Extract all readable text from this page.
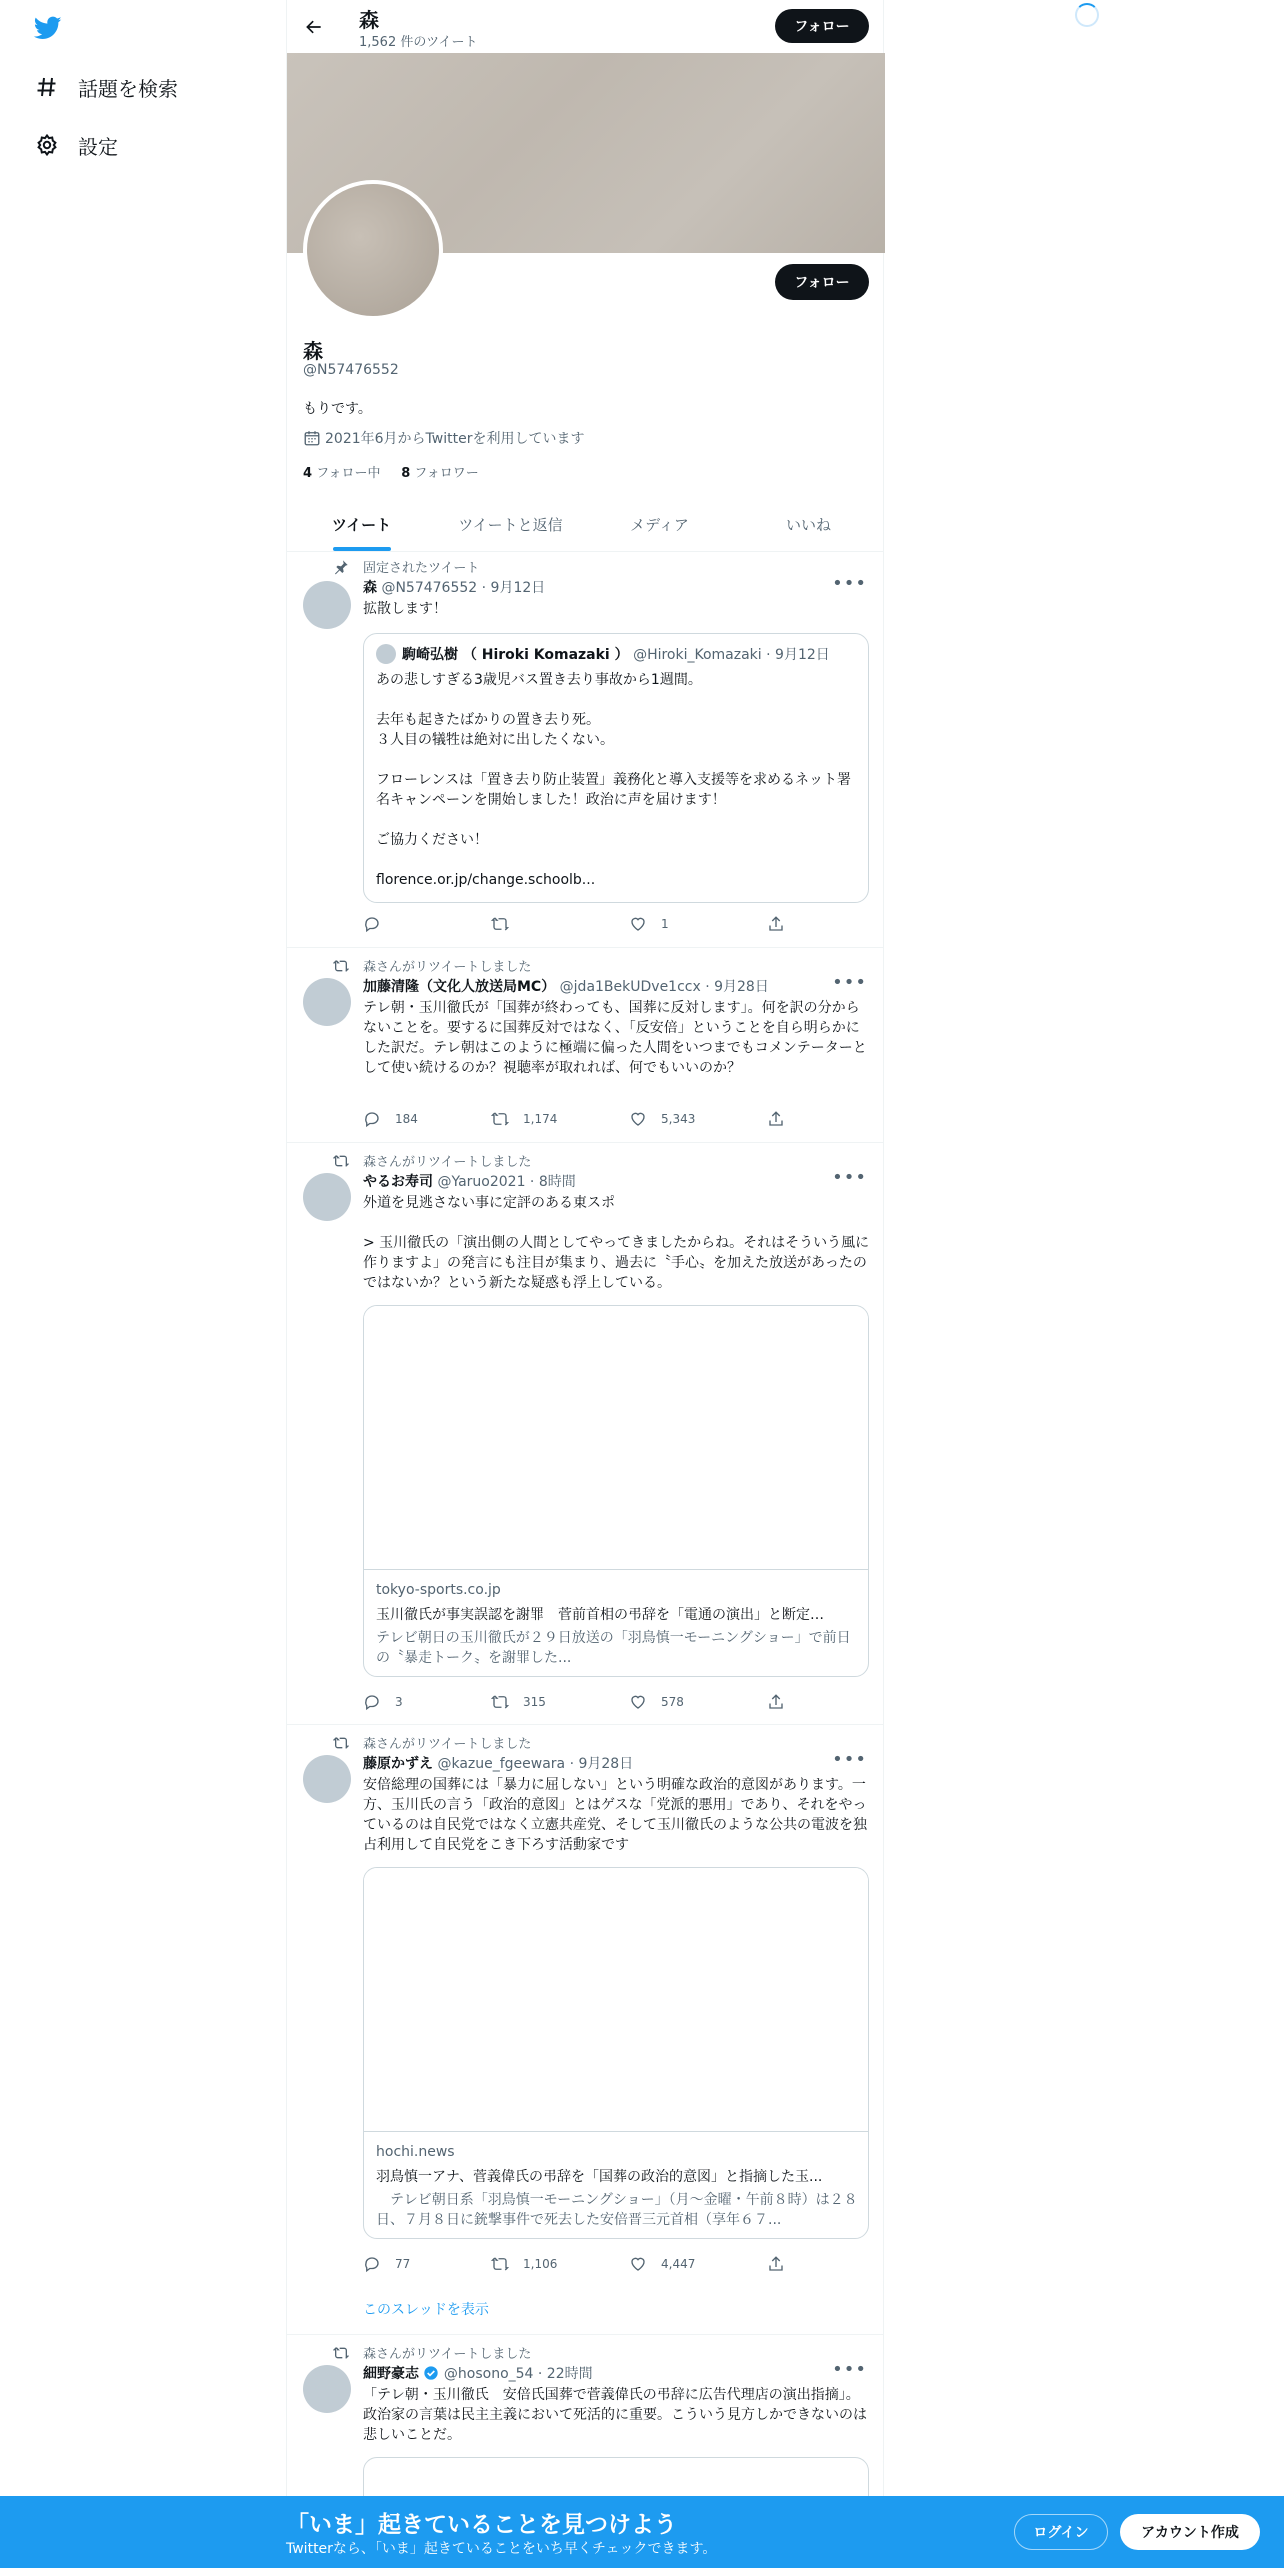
話題を検索
設定
森
1,562 件のツイート
フォロー
フォロー
森
@N57476552
もりです。
2021年6月からTwitterを利用しています
4 フォロー中 8 フォロワー
ツイート	ツイートと返信	メディア	いいね
固定されたツイート
森 @N57476552 · 9月12日	•••
拡散します！
駒崎弘樹 （ Hiroki Komazaki ）
@Hiroki_Komazaki · 9月12日
あの悲しすぎる3歳児バス置き去り事故から1週間。

去年も起きたばかりの置き去り死。
３人目の犠牲は絶対に出したくない。

フローレンスは「置き去り防止装置」義務化と導入支援等を求めるネット署名キャンペーンを開始しました！政治に声を届けます！

ご協力ください！

florence.or.jp/change.schoolb...
1
森さんがリツイートしました
加藤清隆（文化人放送局MC） @jda1BekUDve1ccx · 9月28日	•••
テレ朝・玉川徹氏が「国葬が終わっても、国葬に反対します」。何を訳の分からないことを。要するに国葬反対ではなく、「反安倍」ということを自ら明らかにした訳だ。テレ朝はこのように極端に偏った人間をいつまでもコメンテーターとして使い続けるのか？視聴率が取れれば、何でもいいのか？
184	1,174	5,343
森さんがリツイートしました
やるお寿司 @Yaruo2021 · 8時間	•••
外道を見逃さない事に定評のある東スポ

> 玉川徹氏の「演出側の人間としてやってきましたからね。それはそういう風に作りますよ」の発言にも注目が集まり、過去に〝手心〟を加えた放送があったのではないか？という新たな疑惑も浮上している。
tokyo-sports.co.jp
玉川徹氏が事実誤認を謝罪　菅前首相の弔辞を「電通の演出」と断定…
テレビ朝日の玉川徹氏が２９日放送の「羽鳥慎一モーニングショー」で前日の〝暴走トーク〟を謝罪した...
3	315	578
森さんがリツイートしました
藤原かずえ @kazue_fgeewara · 9月28日	•••
安倍総理の国葬には「暴力に屈しない」という明確な政治的意図があります。一方、玉川氏の言う「政治的意図」とはゲスな「党派的悪用」であり、それをやっているのは自民党ではなく立憲共産党、そして玉川徹氏のような公共の電波を独占利用して自民党をこき下ろす活動家です
hochi.news
羽鳥慎一アナ、菅義偉氏の弔辞を「国葬の政治的意図」と指摘した玉...
　テレビ朝日系「羽鳥慎一モーニングショー」（月～金曜・午前８時）は２８日、７月８日に銃撃事件で死去した安倍晋三元首相（享年６７...
77	1,106	4,447
このスレッドを表示
森さんがリツイートしました
細野豪志 @hosono_54 · 22時間	•••
「テレ朝・玉川徹氏　安倍氏国葬で菅義偉氏の弔辞に広告代理店の演出指摘」。政治家の言葉は民主主義において死活的に重要。こういう見方しかできないのは悲しいことだ。
「いま」起きていることを見つけよう
Twitterなら、「いま」起きていることをいち早くチェックできます。
ログイン	アカウント作成
